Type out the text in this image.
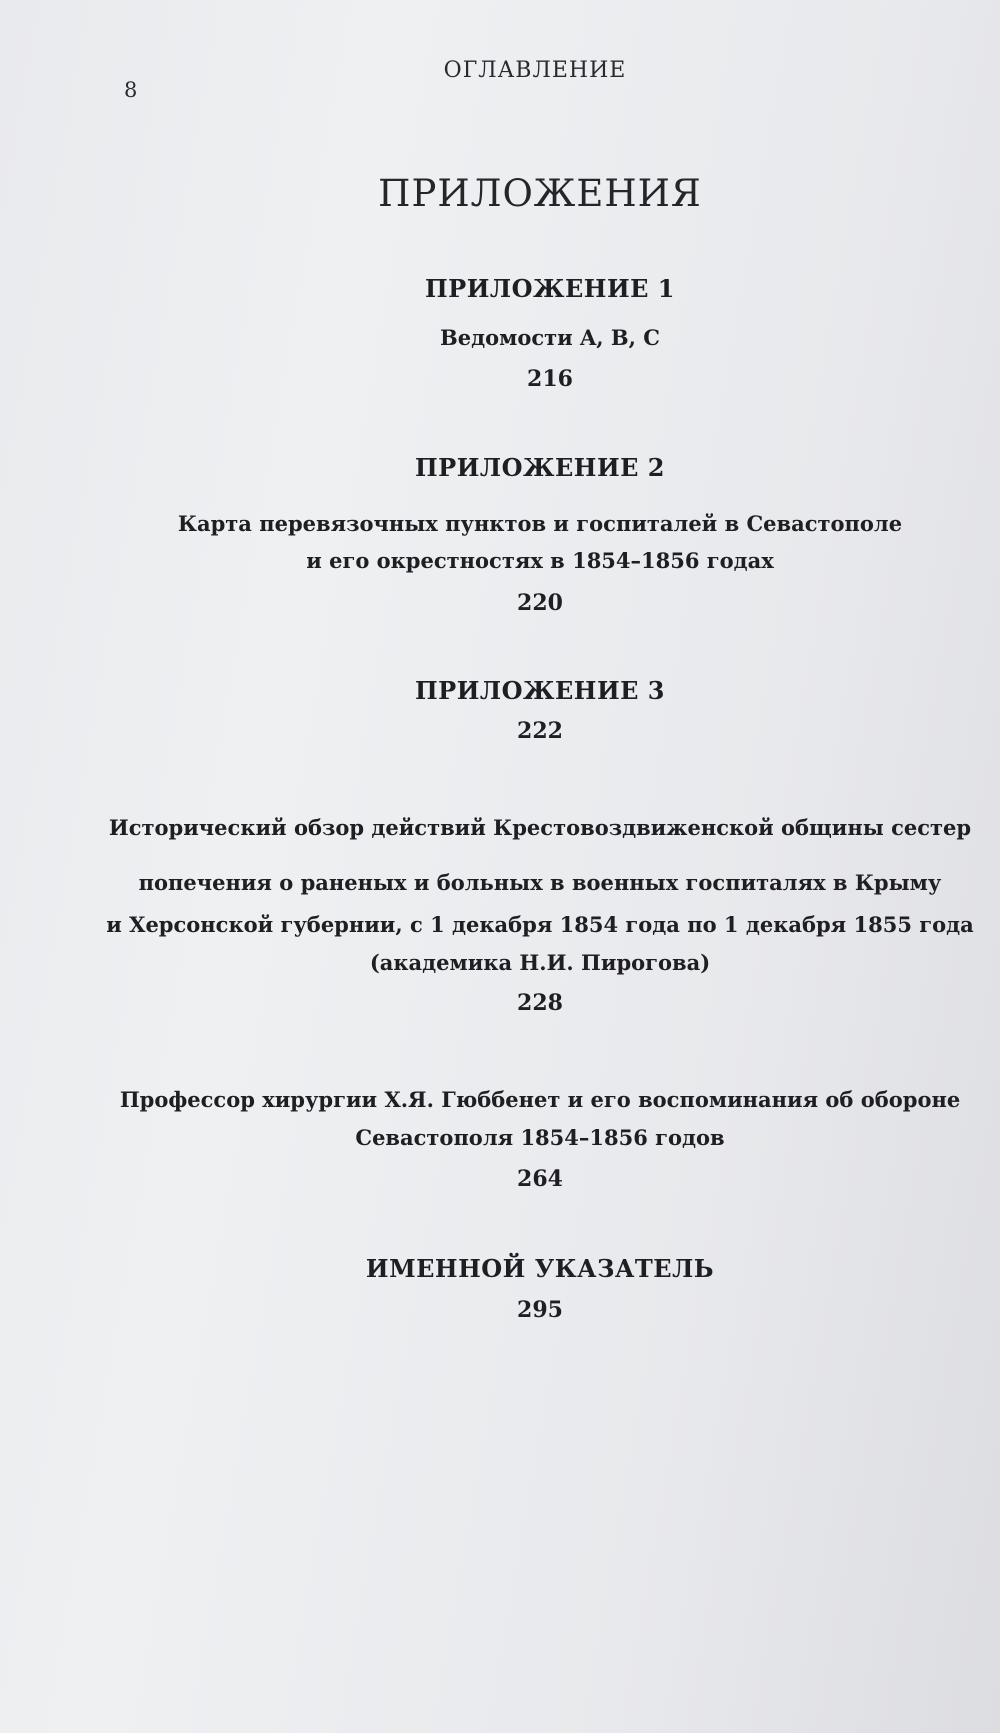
8
ОГЛАВЛЕНИЕ
ПРИЛОЖЕНИЯ
ПРИЛОЖЕНИЕ 1
Ведомости A, B, C
216
ПРИЛОЖЕНИЕ 2
Карта перевязочных пунктов и госпиталей в Севастополе
и его окрестностях в 1854–1856 годах
220
ПРИЛОЖЕНИЕ 3
222
Исторический обзор действий Крестовоздвиженской общины сестер
попечения о раненых и больных в военных госпиталях в Крыму
и Херсонской губернии, с 1 декабря 1854 года по 1 декабря 1855 года
(академика Н.И. Пирогова)
228
Профессор хирургии Х.Я. Гюббенет и его воспоминания об обороне
Севастополя 1854–1856 годов
264
ИМЕННОЙ УКАЗАТЕЛЬ
295
